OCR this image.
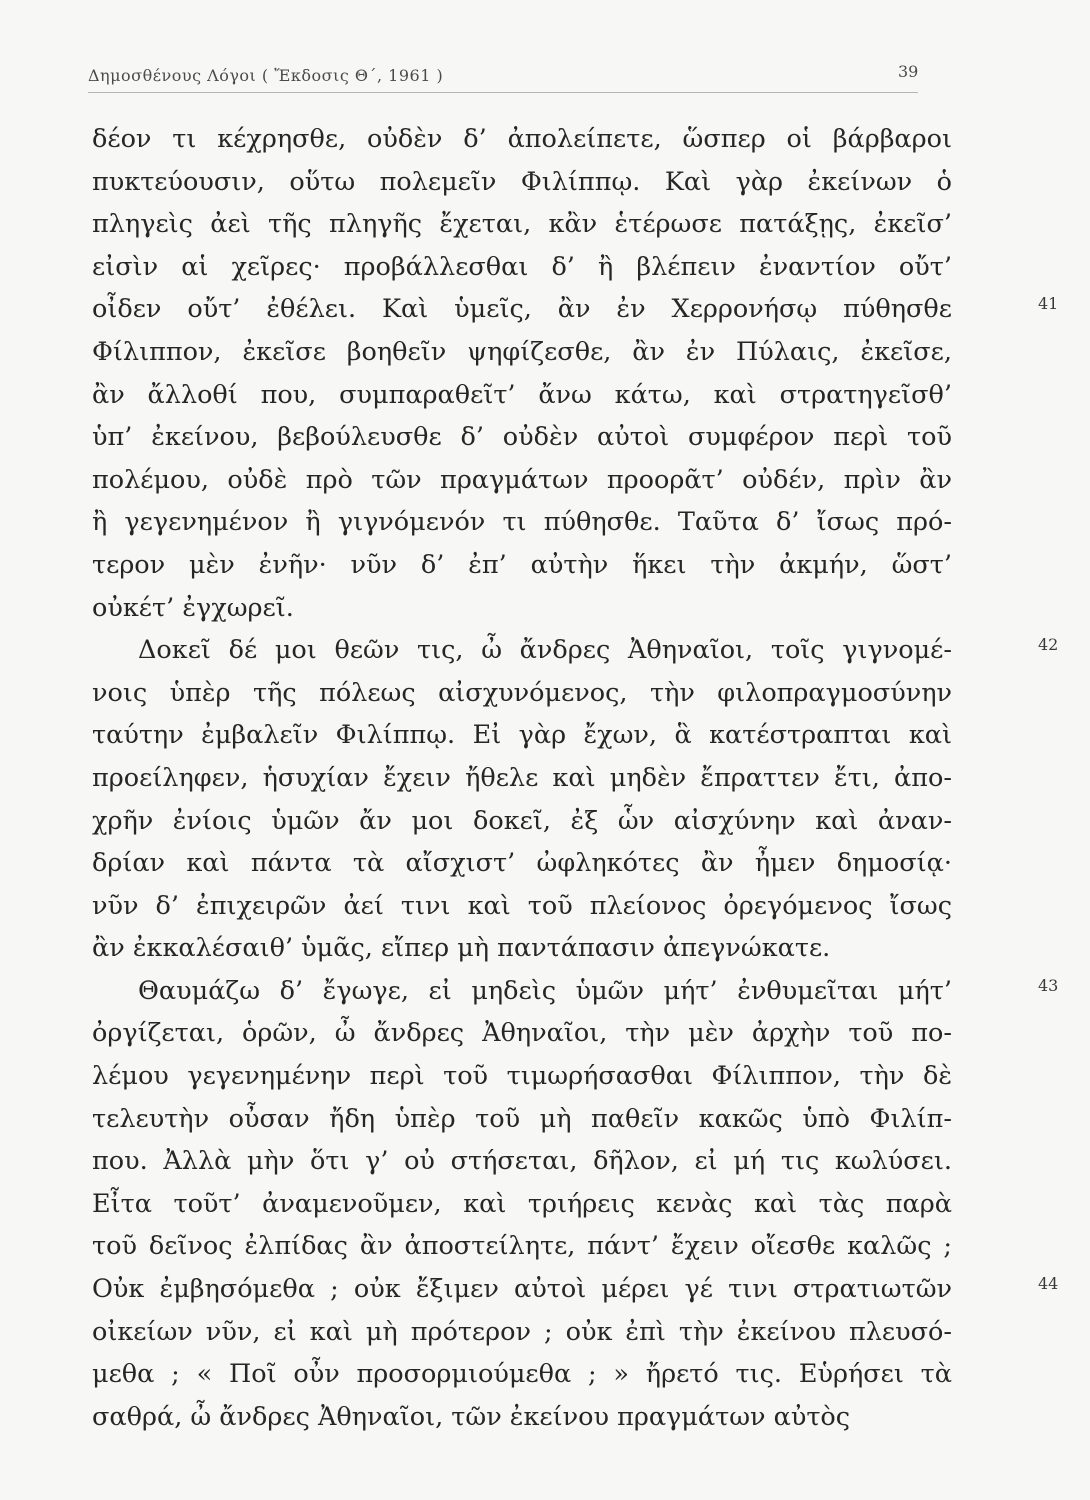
Δημοσθένους Λόγοι ( Ἔκδοσις Θ΄, 1961 )	39
δέον τι κέχρησθε, οὐδὲν δ’ ἀπολείπετε, ὥσπερ οἱ βάρβαροι
πυκτεύουσιν, οὕτω πολεμεῖν Φιλίππῳ. Καὶ γὰρ ἐκείνων ὁ
πληγεὶς ἀεὶ τῆς πληγῆς ἔχεται, κἂν ἑτέρωσε πατάξῃς, ἐκεῖσ’
εἰσὶν αἱ χεῖρες· προβάλλεσθαι δ’ ἢ βλέπειν ἐναντίον οὔτ’
οἶδεν οὔτ’ ἐθέλει. Καὶ ὑμεῖς, ἂν ἐν Χερρονήσῳ πύθησθε
Φίλιππον, ἐκεῖσε βοηθεῖν ψηφίζεσθε, ἂν ἐν Πύλαις, ἐκεῖσε,
ἂν ἄλλοθί που, συμπαραθεῖτ’ ἄνω κάτω, καὶ στρατηγεῖσθ’
ὑπ’ ἐκείνου, βεβούλευσθε δ’ οὐδὲν αὐτοὶ συμφέρον περὶ τοῦ
πολέμου, οὐδὲ πρὸ τῶν πραγμάτων προορᾶτ’ οὐδέν, πρὶν ἂν
ἢ γεγενημένον ἢ γιγνόμενόν τι πύθησθε. Ταῦτα δ’ ἴσως πρό-
τερον μὲν ἐνῆν· νῦν δ’ ἐπ’ αὐτὴν ἥκει τὴν ἀκμήν, ὥστ’
οὐκέτ’ ἐγχωρεῖ.
Δοκεῖ δέ μοι θεῶν τις, ὦ ἄνδρες Ἀθηναῖοι, τοῖς γιγνομέ-
νοις ὑπὲρ τῆς πόλεως αἰσχυνόμενος, τὴν φιλοπραγμοσύνην
ταύτην ἐμβαλεῖν Φιλίππῳ. Εἰ γὰρ ἔχων, ἃ κατέστραπται καὶ
προείληφεν, ἡσυχίαν ἔχειν ἤθελε καὶ μηδὲν ἔπραττεν ἔτι, ἀπο-
χρῆν ἐνίοις ὑμῶν ἄν μοι δοκεῖ, ἐξ ὧν αἰσχύνην καὶ ἀναν-
δρίαν καὶ πάντα τὰ αἴσχιστ’ ὠφληκότες ἂν ἦμεν δημοσίᾳ·
νῦν δ’ ἐπιχειρῶν ἀεί τινι καὶ τοῦ πλείονος ὀρεγόμενος ἴσως
ἂν ἐκκαλέσαιθ’ ὑμᾶς, εἴπερ μὴ παντάπασιν ἀπεγνώκατε.
Θαυμάζω δ’ ἔγωγε, εἰ μηδεὶς ὑμῶν μήτ’ ἐνθυμεῖται μήτ’
ὀργίζεται, ὁρῶν, ὦ ἄνδρες Ἀθηναῖοι, τὴν μὲν ἀρχὴν τοῦ πο-
λέμου γεγενημένην περὶ τοῦ τιμωρήσασθαι Φίλιππον, τὴν δὲ
τελευτὴν οὖσαν ἤδη ὑπὲρ τοῦ μὴ παθεῖν κακῶς ὑπὸ Φιλίπ-
που. Ἀλλὰ μὴν ὅτι γ’ οὐ στήσεται, δῆλον, εἰ μή τις κωλύσει.
Εἶτα τοῦτ’ ἀναμενοῦμεν, καὶ τριήρεις κενὰς καὶ τὰς παρὰ
τοῦ δεῖνος ἐλπίδας ἂν ἀποστείλητε, πάντ’ ἔχειν οἴεσθε καλῶς ;
Οὐκ ἐμβησόμεθα ; οὐκ ἔξιμεν αὐτοὶ μέρει γέ τινι στρατιωτῶν
οἰκείων νῦν, εἰ καὶ μὴ πρότερον ; οὐκ ἐπὶ τὴν ἐκείνου πλευσό-
μεθα ; « Ποῖ οὖν προσορμιούμεθα ; » ἤρετό τις. Εὑρήσει τὰ
σαθρά, ὦ ἄνδρες Ἀθηναῖοι, τῶν ἐκείνου πραγμάτων αὐτὸς
41
42
43
44
